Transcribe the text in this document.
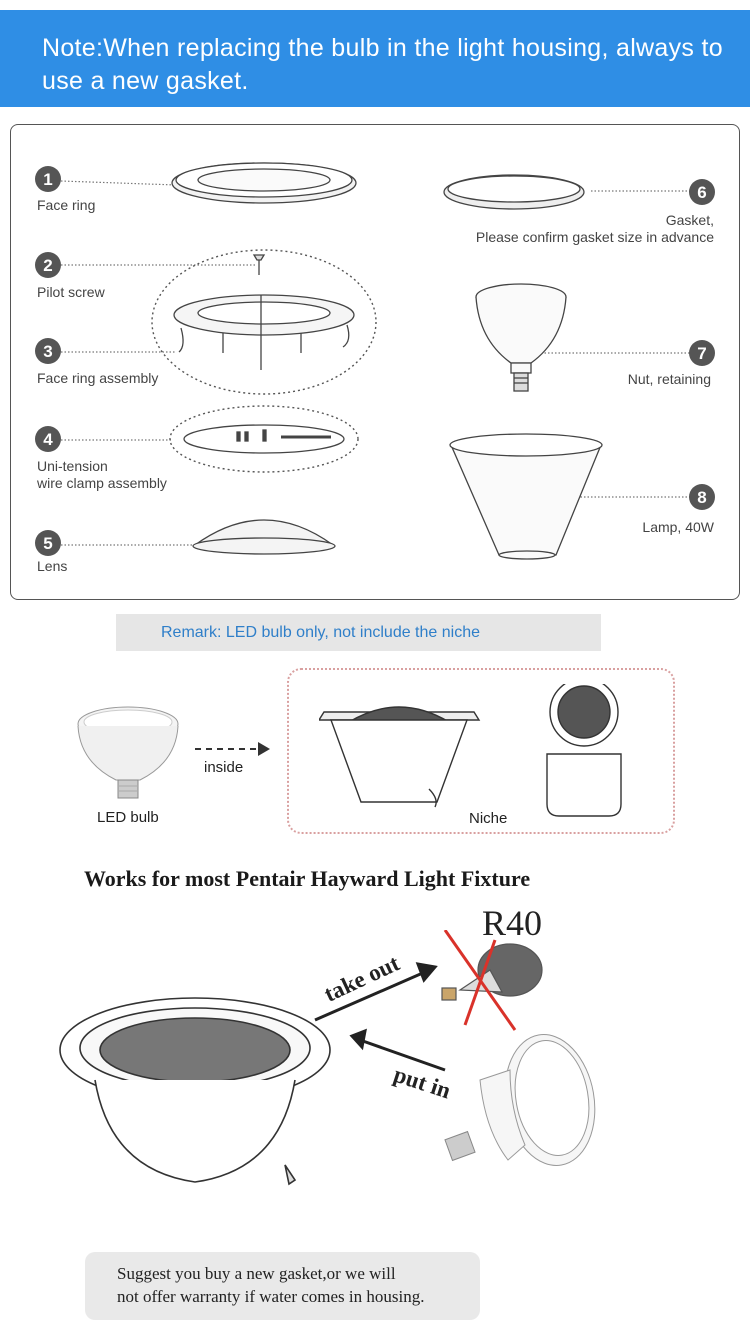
Note:When replacing the bulb in the light housing, always to use a new gasket.
1
2
3
4
5
6
7
8
Face ring
Pilot screw
Face ring assembly
Uni-tension
wire clamp assembly
Lens
Gasket,
Please confirm gasket size in advance
Nut, retaining
Lamp, 40W
Remark: LED bulb only, not include the niche
LED bulb
inside
Niche
Works for most Pentair Hayward Light Fixture
R40
take out
put in
Suggest you buy a new gasket,or we will
not offer warranty if water comes in housing.
